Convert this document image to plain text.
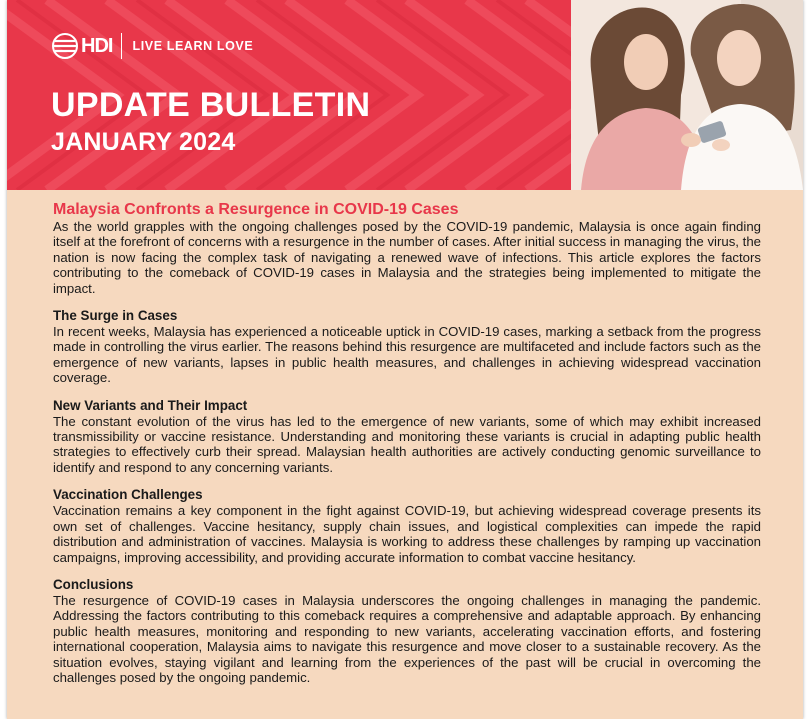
HDI LIVE LEARN LOVE
UPDATE BULLETIN
JANUARY 2024
Malaysia Confronts a Resurgence in COVID-19 Cases

As the world grapples with the ongoing challenges posed by the COVID-19 pandemic, Malaysia is once again finding itself at the forefront of concerns with a resurgence in the number of cases. After initial success in managing the virus, the nation is now facing the complex task of navigating a renewed wave of infections. This article explores the factors contributing to the comeback of COVID-19 cases in Malaysia and the strategies being implemented to mitigate the impact.

The Surge in Cases

In recent weeks, Malaysia has experienced a noticeable uptick in COVID-19 cases, marking a setback from the progress made in controlling the virus earlier. The reasons behind this resurgence are multifaceted and include factors such as the emergence of new variants, lapses in public health measures, and challenges in achieving widespread vaccination coverage.

New Variants and Their Impact

The constant evolution of the virus has led to the emergence of new variants, some of which may exhibit increased transmissibility or vaccine resistance. Understanding and monitoring these variants is crucial in adapting public health strategies to effectively curb their spread. Malaysian health authorities are actively conducting genomic surveillance to identify and respond to any concerning variants.

Vaccination Challenges

Vaccination remains a key component in the fight against COVID-19, but achieving widespread coverage presents its own set of challenges. Vaccine hesitancy, supply chain issues, and logistical complexities can impede the rapid distribution and administration of vaccines. Malaysia is working to address these challenges by ramping up vaccination campaigns, improving accessibility, and providing accurate information to combat vaccine hesitancy.

Conclusions

The resurgence of COVID-19 cases in Malaysia underscores the ongoing challenges in managing the pandemic. Addressing the factors contributing to this comeback requires a comprehensive and adaptable approach. By enhancing public health measures, monitoring and responding to new variants, accelerating vaccination efforts, and fostering international cooperation, Malaysia aims to navigate this resurgence and move closer to a sustainable recovery. As the situation evolves, staying vigilant and learning from the experiences of the past will be crucial in overcoming the challenges posed by the ongoing pandemic.
